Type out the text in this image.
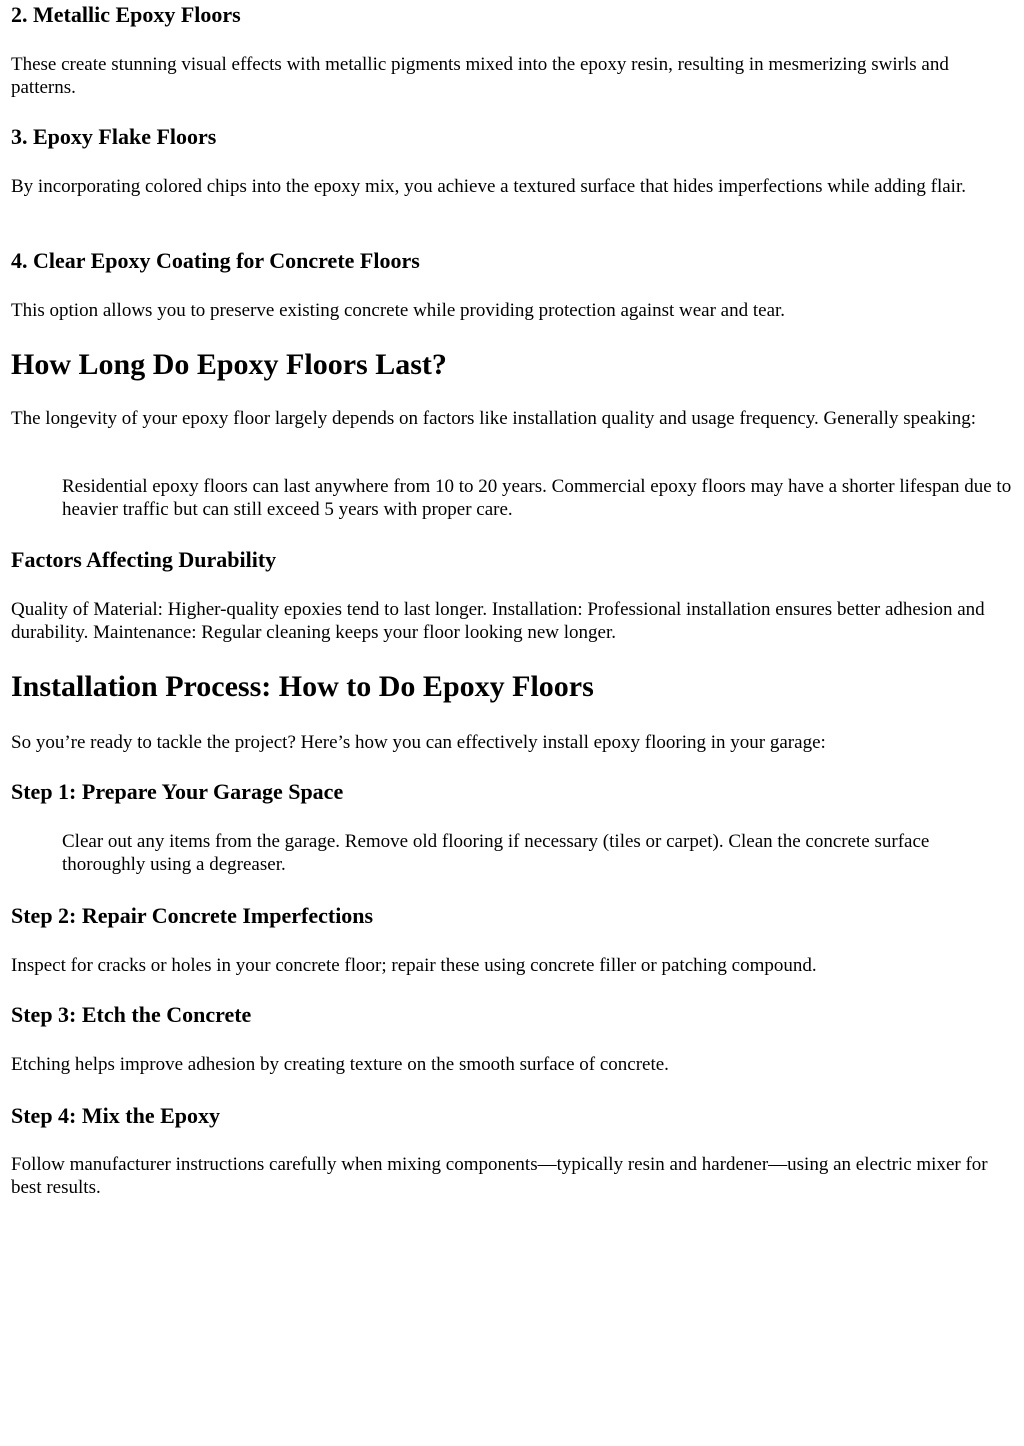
2. Metallic Epoxy Floors

These create stunning visual effects with metallic pigments mixed into the epoxy resin, resulting in mesmerizing swirls and patterns.

3. Epoxy Flake Floors

By incorporating colored chips into the epoxy mix, you achieve a textured surface that hides imperfections while adding flair.

4. Clear Epoxy Coating for Concrete Floors

This option allows you to preserve existing concrete while providing protection against wear and tear.

How Long Do Epoxy Floors Last?

The longevity of your epoxy floor largely depends on factors like installation quality and usage frequency. Generally speaking:

Residential epoxy floors can last anywhere from 10 to 20 years. Commercial epoxy floors may have a shorter lifespan due to heavier traffic but can still exceed 5 years with proper care.
Factors Affecting Durability

Quality of Material: Higher-quality epoxies tend to last longer. Installation: Professional installation ensures better adhesion and durability. Maintenance: Regular cleaning keeps your floor looking new longer.

Installation Process: How to Do Epoxy Floors

So you’re ready to tackle the project? Here’s how you can effectively install epoxy flooring in your garage:

Step 1: Prepare Your Garage Space
Clear out any items from the garage. Remove old flooring if necessary (tiles or carpet). Clean the concrete surface thoroughly using a degreaser.
Step 2: Repair Concrete Imperfections

Inspect for cracks or holes in your concrete floor; repair these using concrete filler or patching compound.

Step 3: Etch the Concrete

Etching helps improve adhesion by creating texture on the smooth surface of concrete.

Step 4: Mix the Epoxy

Follow manufacturer instructions carefully when mixing components—typically resin and hardener—using an electric mixer for best results.
